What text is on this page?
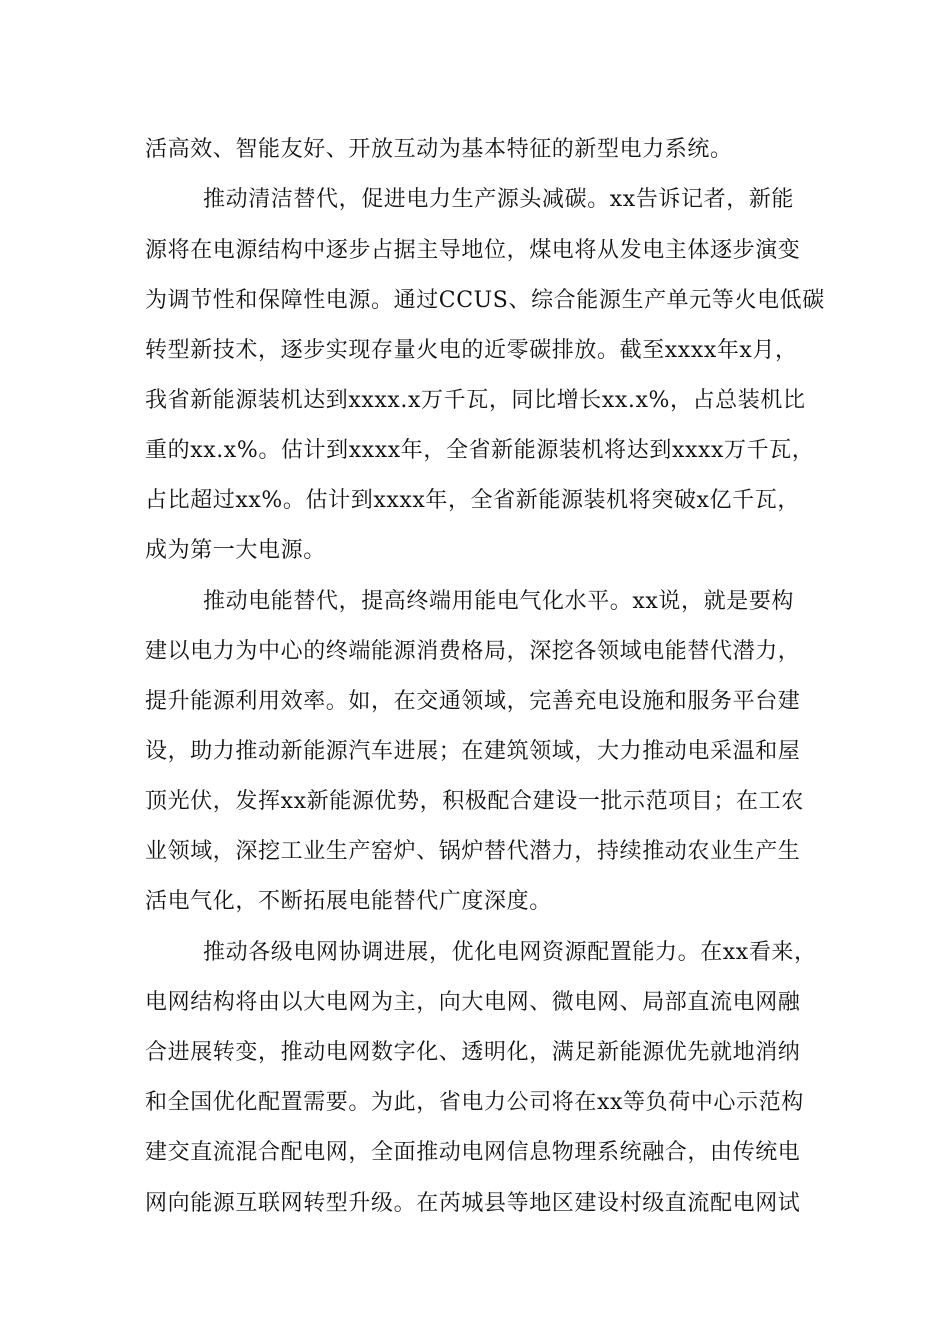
活高效、智能友好、开放互动为基本特征的新型电力系统。
推动清洁替代，促进电力生产源头减碳。xx告诉记者，新能
源将在电源结构中逐步占据主导地位，煤电将从发电主体逐步演变
为调节性和保障性电源。通过CCUS、综合能源生产单元等火电低碳
转型新技术，逐步实现存量火电的近零碳排放。截至xxxx年x月，
我省新能源装机达到xxxx.x万千瓦，同比增长xx.x%，占总装机比
重的xx.x%。估计到xxxx年，全省新能源装机将达到xxxx万千瓦，
占比超过xx%。估计到xxxx年，全省新能源装机将突破x亿千瓦，
成为第一大电源。
推动电能替代，提高终端用能电气化水平。xx说，就是要构
建以电力为中心的终端能源消费格局，深挖各领域电能替代潜力，
提升能源利用效率。如，在交通领域，完善充电设施和服务平台建
设，助力推动新能源汽车进展；在建筑领域，大力推动电采温和屋
顶光伏，发挥xx新能源优势，积极配合建设一批示范项目；在工农
业领域，深挖工业生产窑炉、锅炉替代潜力，持续推动农业生产生
活电气化，不断拓展电能替代广度深度。
推动各级电网协调进展，优化电网资源配置能力。在xx看来，
电网结构将由以大电网为主，向大电网、微电网、局部直流电网融
合进展转变，推动电网数字化、透明化，满足新能源优先就地消纳
和全国优化配置需要。为此，省电力公司将在xx等负荷中心示范构
建交直流混合配电网，全面推动电网信息物理系统融合，由传统电
网向能源互联网转型升级。在芮城县等地区建设村级直流配电网试
